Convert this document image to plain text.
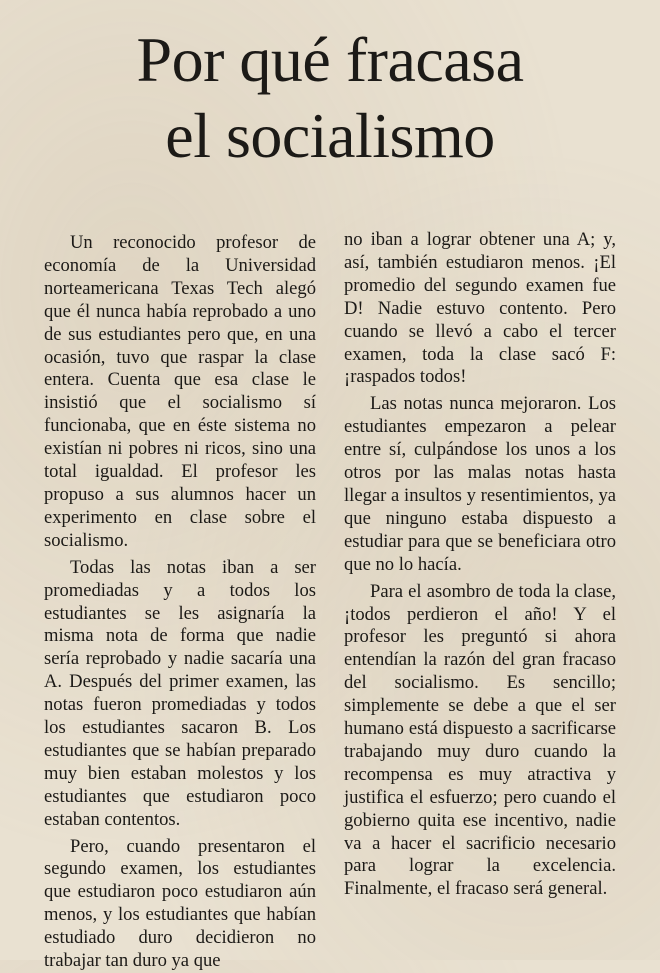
Por qué fracasa
el socialismo

Un reconocido profesor de economía de la Universidad norteamericana Texas Tech alegó que él nunca había reprobado a uno de sus estudiantes pero que, en una ocasión, tuvo que raspar la clase entera. Cuenta que esa clase le insistió que el socialismo sí funcionaba, que en éste sistema no existían ni pobres ni ricos, sino una total igualdad. El profesor les propuso a sus alumnos hacer un experimento en clase sobre el socialismo.

Todas las notas iban a ser promediadas y a todos los estudiantes se les asignaría la misma nota de forma que nadie sería reprobado y nadie sacaría una A. Después del primer examen, las notas fueron promediadas y todos los estudiantes sacaron B. Los estudiantes que se habían preparado muy bien estaban molestos y los estudiantes que estudiaron poco estaban contentos.

Pero, cuando presentaron el segundo examen, los estudiantes que estudiaron poco estudiaron aún menos, y los estudiantes que habían estudiado duro decidieron no trabajar tan duro ya que

no iban a lograr obtener una A; y, así, también estudiaron menos. ¡El promedio del segundo examen fue D! Nadie estuvo contento. Pero cuando se llevó a cabo el tercer examen, toda la clase sacó F: ¡raspados todos!

Las notas nunca mejoraron. Los estudiantes empezaron a pelear entre sí, culpándose los unos a los otros por las malas notas hasta llegar a insultos y resentimientos, ya que ninguno estaba dispuesto a estudiar para que se beneficiara otro que no lo hacía.

Para el asombro de toda la clase, ¡todos perdieron el año! Y el profesor les preguntó si ahora entendían la razón del gran fracaso del socialismo. Es sencillo; simplemente se debe a que el ser humano está dispuesto a sacrificarse trabajando muy duro cuando la recompensa es muy atractiva y justifica el esfuerzo; pero cuando el gobierno quita ese incentivo, nadie va a hacer el sacrificio necesario para lograr la excelencia. Finalmente, el fracaso será general.
